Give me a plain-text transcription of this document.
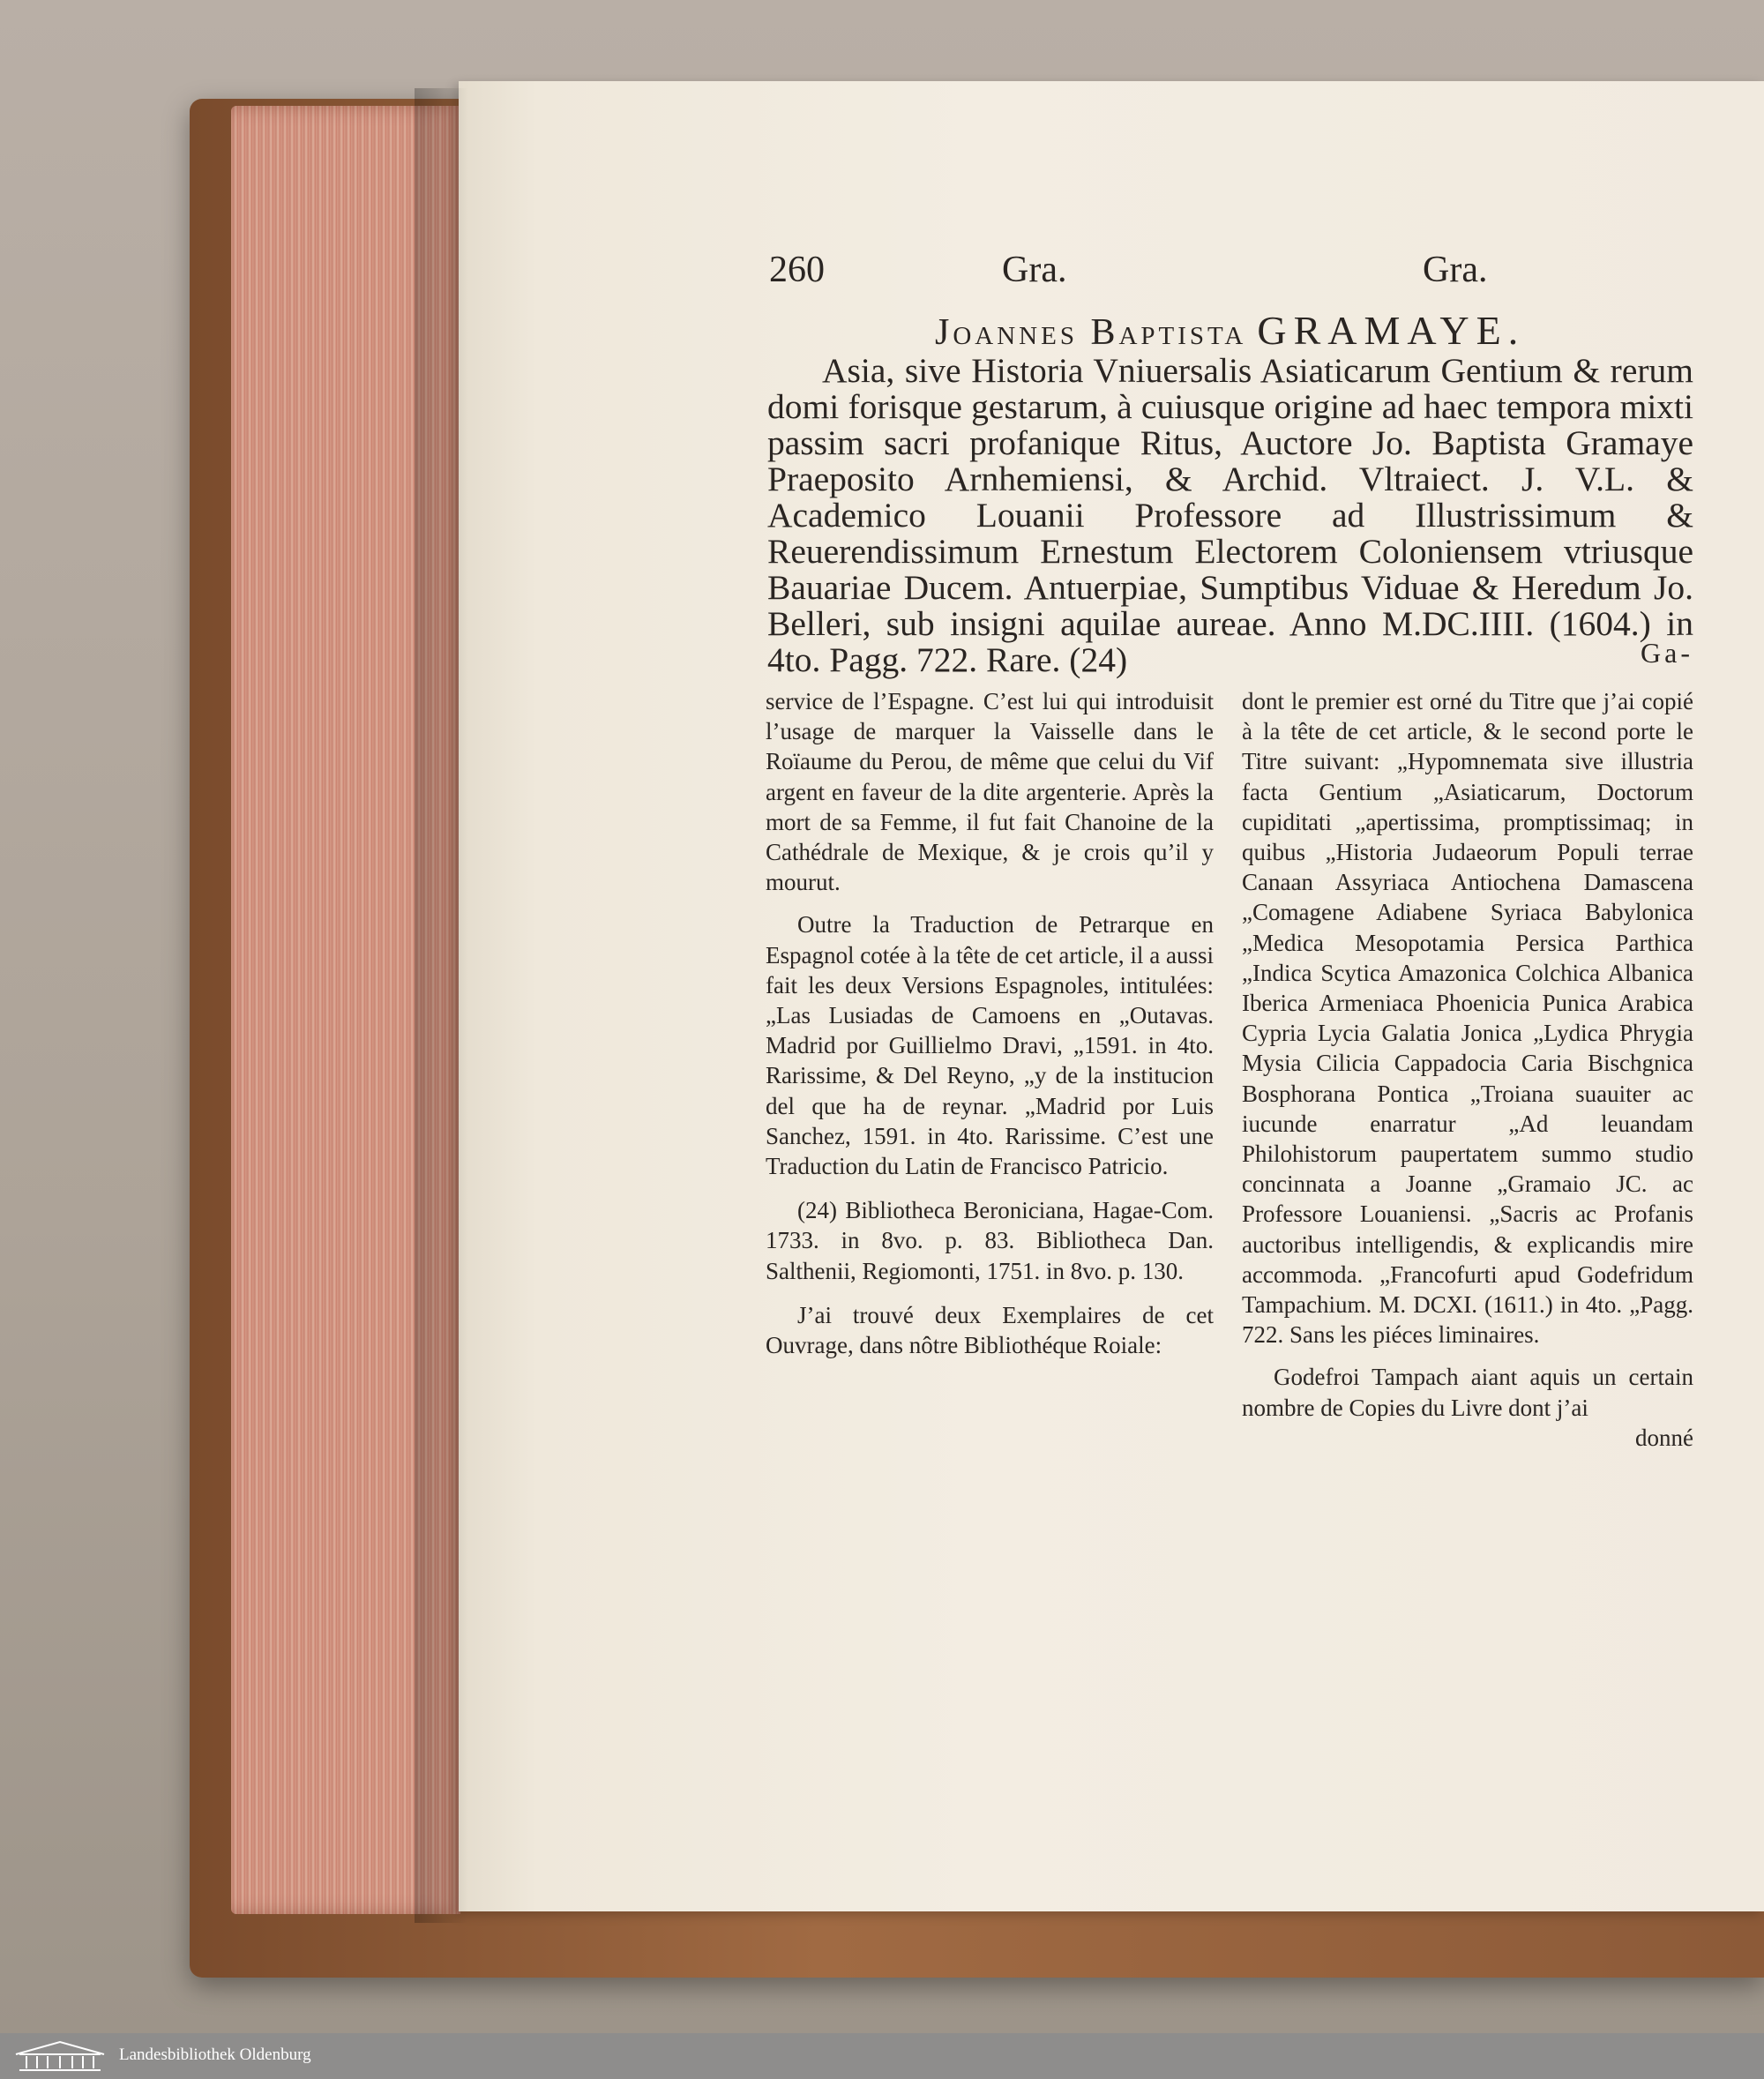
260	Gra.	Gra.
Joannes Baptista GRAMAYE.

Asia, sive Historia Vniuersalis Asiaticarum Gentium & rerum domi forisque gestarum, à cuiusque origine ad haec tempora mixti passim sacri profanique Ritus, Auctore Jo. Baptista Gramaye Praeposito Arnhemiensi, & Archid. Vltraiect. J. V.L. & Academico Louanii Professore ad Illustrissimum & Reuerendissimum Ernestum Electorem Coloniensem vtriusque Bauariae Ducem. Antuerpiae, Sumptibus Viduae & Heredum Jo. Belleri, sub insigni aquilae aureae. Anno M.DC.IIII. (1604.) in 4to. Pagg. 722. Rare. (24)	Ga-

service de l’Espagne. C’est lui qui introduisit l’usage de marquer la Vaisselle dans le Roïaume du Perou, de même que celui du Vif argent en faveur de la dite argenterie. Après la mort de sa Femme, il fut fait Chanoine de la Cathédrale de Mexique, & je crois qu’il y mourut.

Outre la Traduction de Petrarque en Espagnol cotée à la tête de cet article, il a aussi fait les deux Versions Espagnoles, intitulées: „Las Lusiadas de Camoens en „Outavas. Madrid por Guillielmo Dravi, „1591. in 4to. Rarissime, & Del Reyno, „y de la institucion del que ha de reynar. „Madrid por Luis Sanchez, 1591. in 4to. Rarissime. C’est une Traduction du Latin de Francisco Patricio.

(24) Bibliotheca Beroniciana, Hagae-Com. 1733. in 8vo. p. 83. Bibliotheca Dan. Salthenii, Regiomonti, 1751. in 8vo. p. 130.

J’ai trouvé deux Exemplaires de cet Ouvrage, dans nôtre Bibliothéque Roiale:

dont le premier est orné du Titre que j’ai copié à la tête de cet article, & le second porte le Titre suivant: „Hypomnemata sive illustria facta Gentium „Asiaticarum, Doctorum cupiditati „apertissima, promptissimaq; in quibus „Historia Judaeorum Populi terrae Canaan Assyriaca Antiochena Damascena „Comagene Adiabene Syriaca Babylonica „Medica Mesopotamia Persica Parthica „Indica Scytica Amazonica Colchica Albanica Iberica Armeniaca Phoenicia Punica Arabica Cypria Lycia Galatia Jonica „Lydica Phrygia Mysia Cilicia Cappadocia Caria Bischgnica Bosphorana Pontica „Troiana suauiter ac iucunde enarratur „Ad leuandam Philohistorum paupertatem summo studio concinnata a Joanne „Gramaio JC. ac Professore Louaniensi. „Sacris ac Profanis auctoribus intelligendis, & explicandis mire accommoda. „Francofurti apud Godefridum Tampachium. M. DCXI. (1611.) in 4to. „Pagg. 722. Sans les piéces liminaires.

Godefroi Tampach aiant aquis un certain nombre de Copies du Livre dont j’ai

donné

Landesbibliothek Oldenburg
